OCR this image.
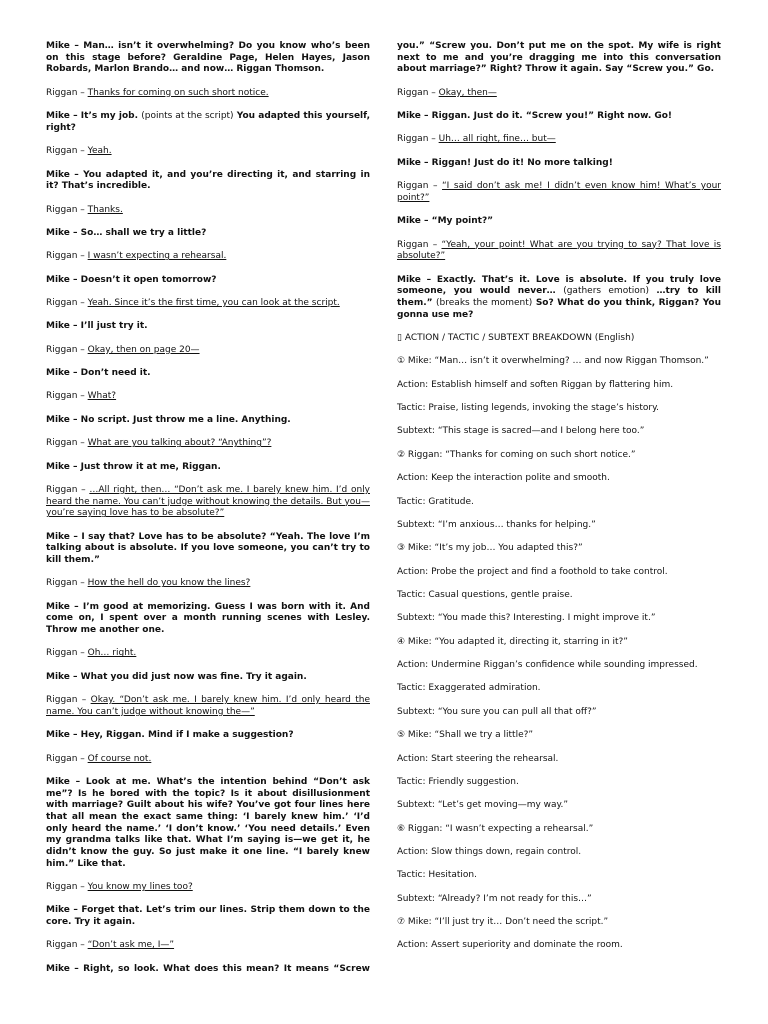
Mike – Man… isn’t it overwhelming? Do you know who’s been on this stage before? Geraldine Page, Helen Hayes, Jason Robards, Marlon Brando… and now… Riggan Thomson.

Riggan – Thanks for coming on such short notice.

Mike – It’s my job. (points at the script) You adapted this yourself, right?

Riggan – Yeah.

Mike – You adapted it, and you’re directing it, and starring in it? That’s incredible.

Riggan – Thanks.

Mike – So… shall we try a little?

Riggan – I wasn’t expecting a rehearsal.

Mike – Doesn’t it open tomorrow?

Riggan – Yeah. Since it’s the first time, you can look at the script.

Mike – I’ll just try it.

Riggan – Okay, then on page 20—

Mike – Don’t need it.

Riggan – What?

Mike – No script. Just throw me a line. Anything.

Riggan – What are you talking about? “Anything”?

Mike – Just throw it at me, Riggan.

Riggan – …All right, then… “Don’t ask me. I barely knew him. I’d only heard the name. You can’t judge without knowing the details. But you—you’re saying love has to be absolute?”

Mike – I say that? Love has to be absolute? “Yeah. The love I’m talking about is absolute. If you love someone, you can’t try to kill them.”

Riggan – How the hell do you know the lines?

Mike – I’m good at memorizing. Guess I was born with it. And come on, I spent over a month running scenes with Lesley. Throw me another one.

Riggan – Oh… right.

Mike – What you did just now was fine. Try it again.

Riggan – Okay. “Don’t ask me. I barely knew him. I’d only heard the name. You can’t judge without knowing the—”

Mike – Hey, Riggan. Mind if I make a suggestion?

Riggan – Of course not.

Mike – Look at me. What’s the intention behind “Don’t ask me”? Is he bored with the topic? Is it about disillusionment with marriage? Guilt about his wife? You’ve got four lines here that all mean the exact same thing: ‘I barely knew him.’ ‘I’d only heard the name.’ ‘I don’t know.’ ‘You need details.’ Even my grandma talks like that. What I’m saying is—we get it, he didn’t know the guy. So just make it one line. “I barely knew him.” Like that.

Riggan – You know my lines too?

Mike – Forget that. Let’s trim our lines. Strip them down to the core. Try it again.

Riggan – “Don’t ask me, I—”

Mike – Right, so look. What does this mean? It means “Screw

you.” “Screw you. Don’t put me on the spot. My wife is right next to me and you’re dragging me into this conversation about marriage?” Right? Throw it again. Say “Screw you.” Go.

Riggan – Okay, then—

Mike – Riggan. Just do it. “Screw you!” Right now. Go!

Riggan – Uh… all right, fine… but—

Mike – Riggan! Just do it! No more talking!

Riggan – “I said don’t ask me! I didn’t even know him! What’s your point?”

Mike – “My point?”

Riggan – “Yeah, your point! What are you trying to say? That love is absolute?”

Mike – Exactly. That’s it. Love is absolute. If you truly love someone, you would never… (gathers emotion) …try to kill them.” (breaks the moment) So? What do you think, Riggan? You gonna use me?

▯ ACTION / TACTIC / SUBTEXT BREAKDOWN (English)

① Mike: “Man… isn’t it overwhelming? … and now Riggan Thomson.”

Action: Establish himself and soften Riggan by flattering him.

Tactic: Praise, listing legends, invoking the stage’s history.

Subtext: “This stage is sacred—and I belong here too.”

② Riggan: “Thanks for coming on such short notice.”

Action: Keep the interaction polite and smooth.

Tactic: Gratitude.

Subtext: “I’m anxious… thanks for helping.”

③ Mike: “It’s my job… You adapted this?”

Action: Probe the project and find a foothold to take control.

Tactic: Casual questions, gentle praise.

Subtext: “You made this? Interesting. I might improve it.”

④ Mike: “You adapted it, directing it, starring in it?”

Action: Undermine Riggan’s confidence while sounding impressed.

Tactic: Exaggerated admiration.

Subtext: “You sure you can pull all that off?”

⑤ Mike: “Shall we try a little?”

Action: Start steering the rehearsal.

Tactic: Friendly suggestion.

Subtext: “Let’s get moving—my way.”

⑥ Riggan: “I wasn’t expecting a rehearsal.”

Action: Slow things down, regain control.

Tactic: Hesitation.

Subtext: “Already? I’m not ready for this…”

⑦ Mike: “I’ll just try it… Don’t need the script.”

Action: Assert superiority and dominate the room.
